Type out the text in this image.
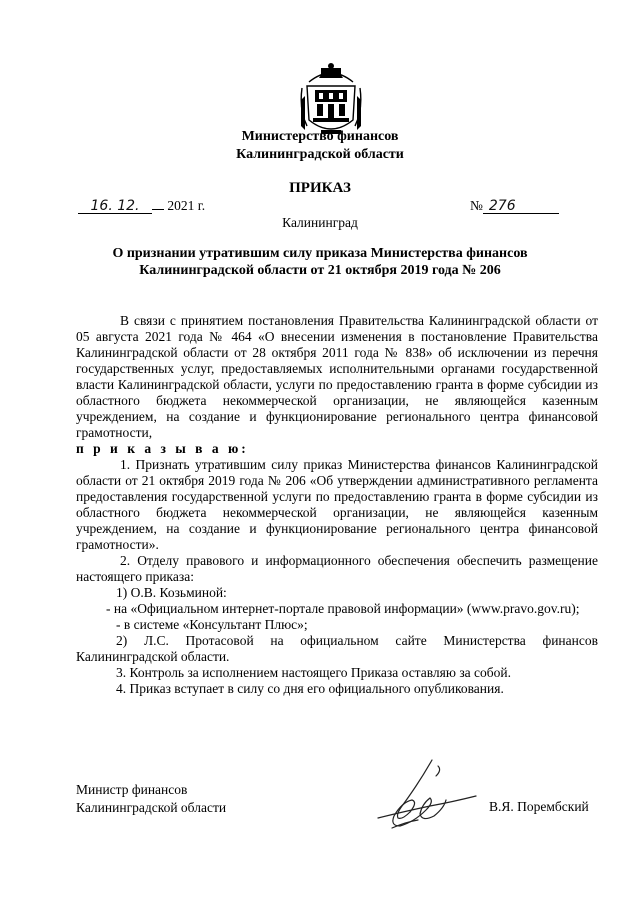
Министерство финансов
Калининградской области
ПРИКАЗ
16. 12. 2021 г.	№ 276
Калининград
О признании утратившим силу приказа Министерства финансов
Калининградской области от 21 октября 2019 года № 206

В связи с принятием постановления Правительства Калининградской области от 05 августа 2021 года № 464 «О внесении изменения в постановление Правительства Калининградской области от 28 октября 2011 года № 838» об исключении из перечня государственных услуг, предоставляемых исполнительными органами государственной власти Калининградской области, услуги по предоставлению гранта в форме субсидии из областного бюджета некоммерческой организации, не являющейся казенным учреждением, на создание и функционирование регионального центра финансовой грамотности,

п р и к а з ы в а ю:

1. Признать утратившим силу приказ Министерства финансов Калининградской области от 21 октября 2019 года № 206 «Об утверждении административного регламента предоставления государственной услуги по предоставлению гранта в форме субсидии из областного бюджета некоммерческой организации, не являющейся казенным учреждением, на создание и функционирование регионального центра финансовой грамотности».

2. Отделу правового и информационного обеспечения обеспечить размещение настоящего приказа:

1) О.В. Козьминой:

- на «Официальном интернет-портале правовой информации» (www.pravo.gov.ru);

- в системе «Консультант Плюс»;

2) Л.С. Протасовой на официальном сайте Министерства финансов Калининградской области.

3. Контроль за исполнением настоящего Приказа оставляю за собой.

4. Приказ вступает в силу со дня его официального опубликования.

Министр финансов
Калининградской области	В.Я. Порембский
